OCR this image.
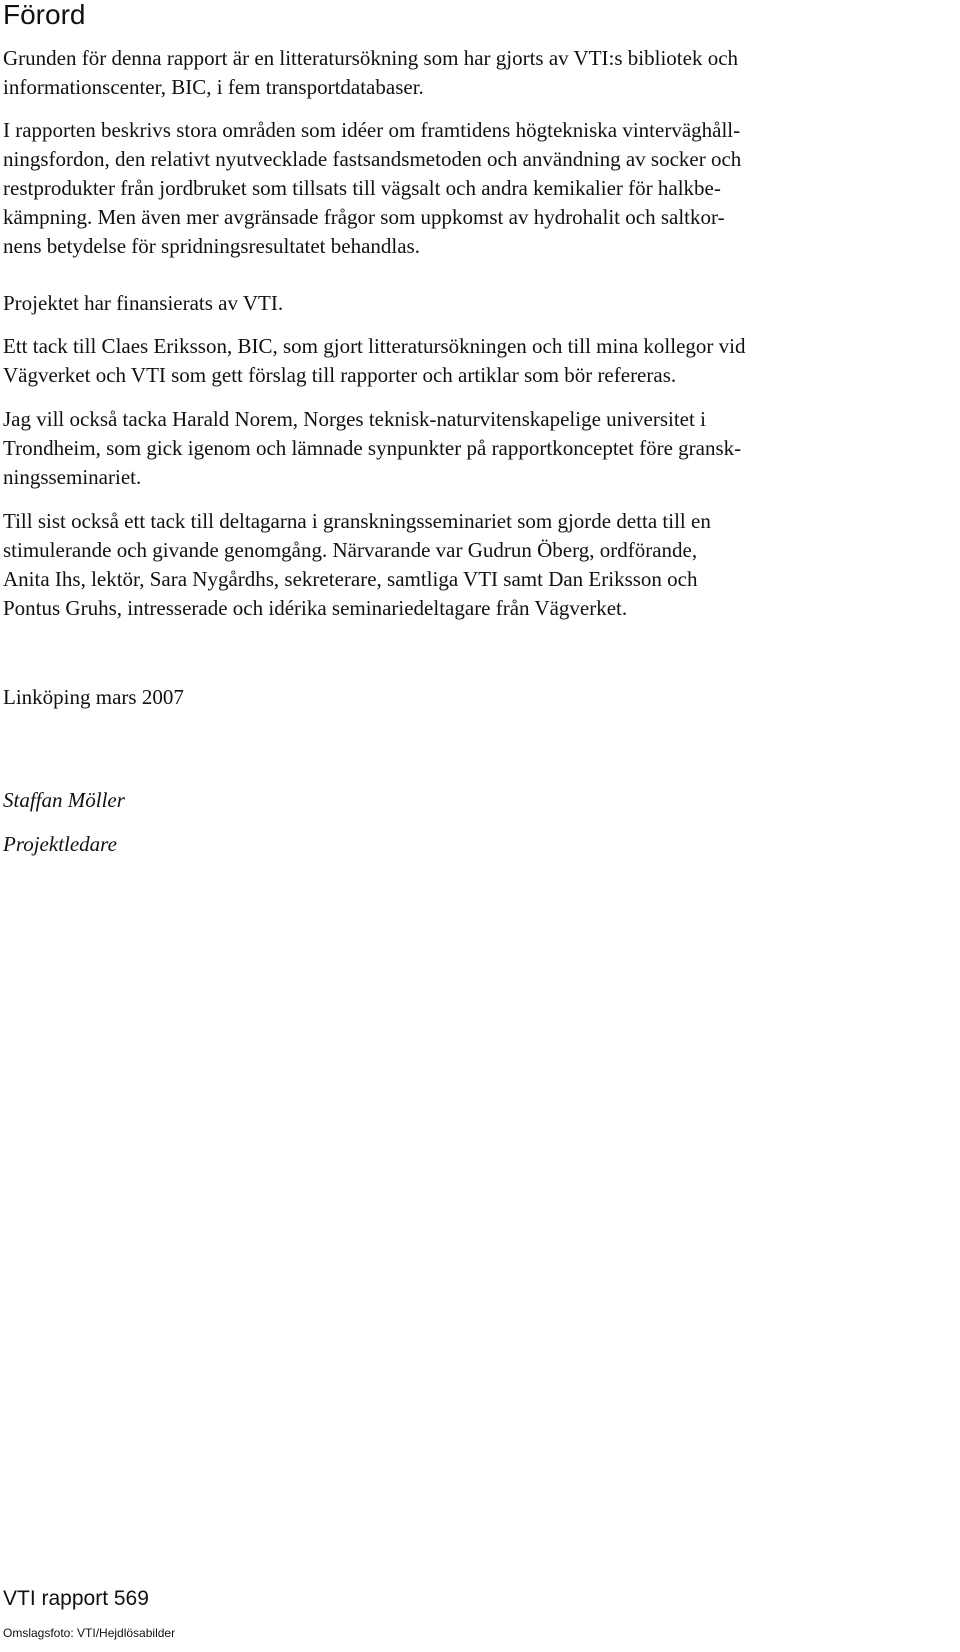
Förord

Grunden för denna rapport är en litteratursökning som har gjorts av VTI:s bibliotek och
informationscenter, BIC, i fem transportdatabaser.

I rapporten beskrivs stora områden som idéer om framtidens högtekniska vinterväghåll-
ningsfordon, den relativt nyutvecklade fastsandsmetoden och användning av socker och
restprodukter från jordbruket som tillsats till vägsalt och andra kemikalier för halkbe-
kämpning. Men även mer avgränsade frågor som uppkomst av hydrohalit och saltkor-
nens betydelse för spridningsresultatet behandlas.

Projektet har finansierats av VTI.

Ett tack till Claes Eriksson, BIC, som gjort litteratursökningen och till mina kollegor vid
Vägverket och VTI som gett förslag till rapporter och artiklar som bör refereras.

Jag vill också tacka Harald Norem, Norges teknisk-naturvitenskapelige universitet i
Trondheim, som gick igenom och lämnade synpunkter på rapportkonceptet före gransk-
ningsseminariet.

Till sist också ett tack till deltagarna i granskningsseminariet som gjorde detta till en
stimulerande och givande genomgång. Närvarande var Gudrun Öberg, ordförande,
Anita Ihs, lektör, Sara Nygårdhs, sekreterare, samtliga VTI samt Dan Eriksson och
Pontus Gruhs, intresserade och idérika seminariedeltagare från Vägverket.

Linköping mars 2007

Staffan Möller

Projektledare

VTI rapport 569

Omslagsfoto: VTI/Hejdlösabilder
